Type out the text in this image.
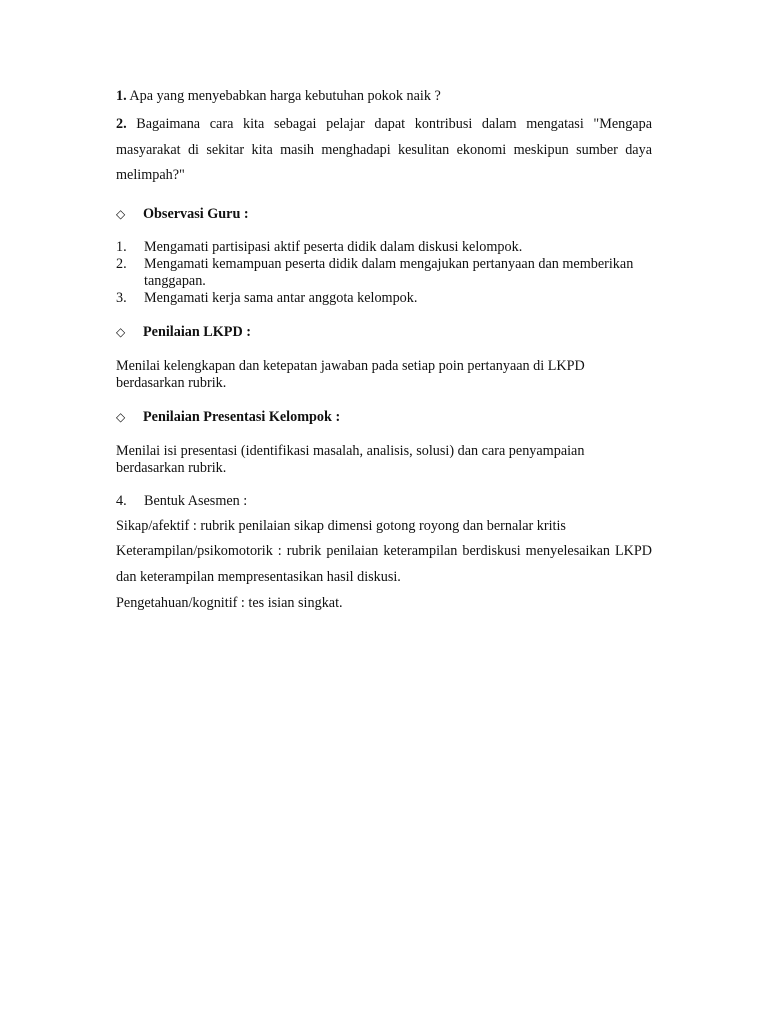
1. Apa yang menyebabkan harga kebutuhan pokok naik ?
2. Bagaimana cara kita sebagai pelajar dapat kontribusi dalam mengatasi "Mengapa masyarakat di sekitar kita masih menghadapi kesulitan ekonomi meskipun sumber daya melimpah?"
◇ Observasi Guru :
1. Mengamati partisipasi aktif peserta didik dalam diskusi kelompok.
2. Mengamati kemampuan peserta didik dalam mengajukan pertanyaan dan memberikan tanggapan.
3. Mengamati kerja sama antar anggota kelompok.
◇ Penilaian LKPD :
Menilai kelengkapan dan ketepatan jawaban pada setiap poin pertanyaan di LKPD berdasarkan rubrik.
◇ Penilaian Presentasi Kelompok :
Menilai isi presentasi (identifikasi masalah, analisis, solusi) dan cara penyampaian berdasarkan rubrik.
4. Bentuk Asesmen :
Sikap/afektif : rubrik penilaian sikap dimensi gotong royong dan bernalar kritis
Keterampilan/psikomotorik : rubrik penilaian keterampilan berdiskusi menyelesaikan LKPD dan keterampilan mempresentasikan hasil diskusi.
Pengetahuan/kognitif : tes isian singkat.
